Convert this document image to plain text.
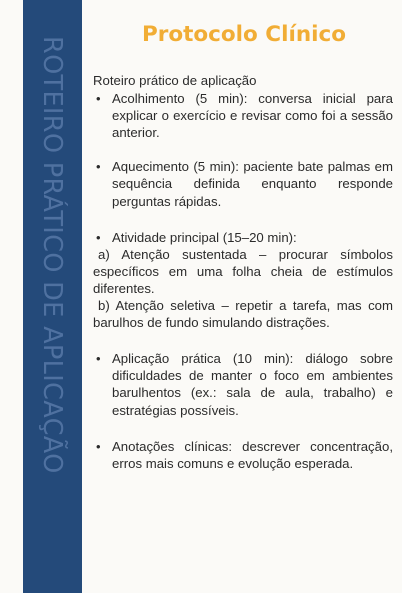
ROTEIRO PRÁTICO DE APLICAÇÃO
Protocolo Clínico

Roteiro prático de aplicação

• Acolhimento (5 min): conversa inicial para explicar o exercício e revisar como foi a sessão anterior.
• Aquecimento (5 min): paciente bate palmas em sequência definida enquanto responde perguntas rápidas.
• Atividade principal (15–20 min):

a) Atenção sustentada – procurar símbolos específicos em uma folha cheia de estímulos diferentes.

b) Atenção seletiva – repetir a tarefa, mas com barulhos de fundo simulando distrações.

• Aplicação prática (10 min): diálogo sobre dificuldades de manter o foco em ambientes barulhentos (ex.: sala de aula, trabalho) e estratégias possíveis.
• Anotações clínicas: descrever concentração, erros mais comuns e evolução esperada.
